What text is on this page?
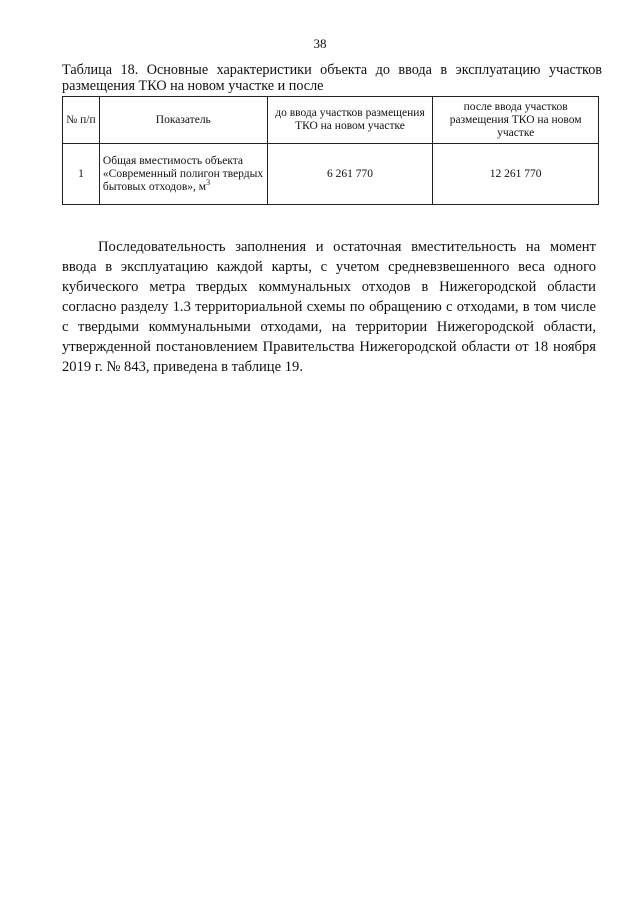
38
Таблица 18. Основные характеристики объекта до ввода в эксплуатацию участков размещения ТКО на новом участке и после
№ п/п	Показатель	до ввода участков размещения ТКО на новом участке	после ввода участков размещения ТКО на новом участке
1	Общая вместимость объекта «Современный полигон твердых бытовых отходов», $м^3$	6 261 770	12 261 770

Последовательность заполнения и остаточная вместительность на момент ввода в эксплуатацию каждой карты, с учетом средневзвешенного веса одного кубического метра твердых коммунальных отходов в Нижегородской области согласно разделу 1.3 территориальной схемы по обращению с отходами, в том числе с твердыми коммунальными отходами, на территории Нижегородской области, утвержденной постановлением Правительства Нижегородской области от 18 ноября 2019 г. № 843, приведена в таблице 19.
